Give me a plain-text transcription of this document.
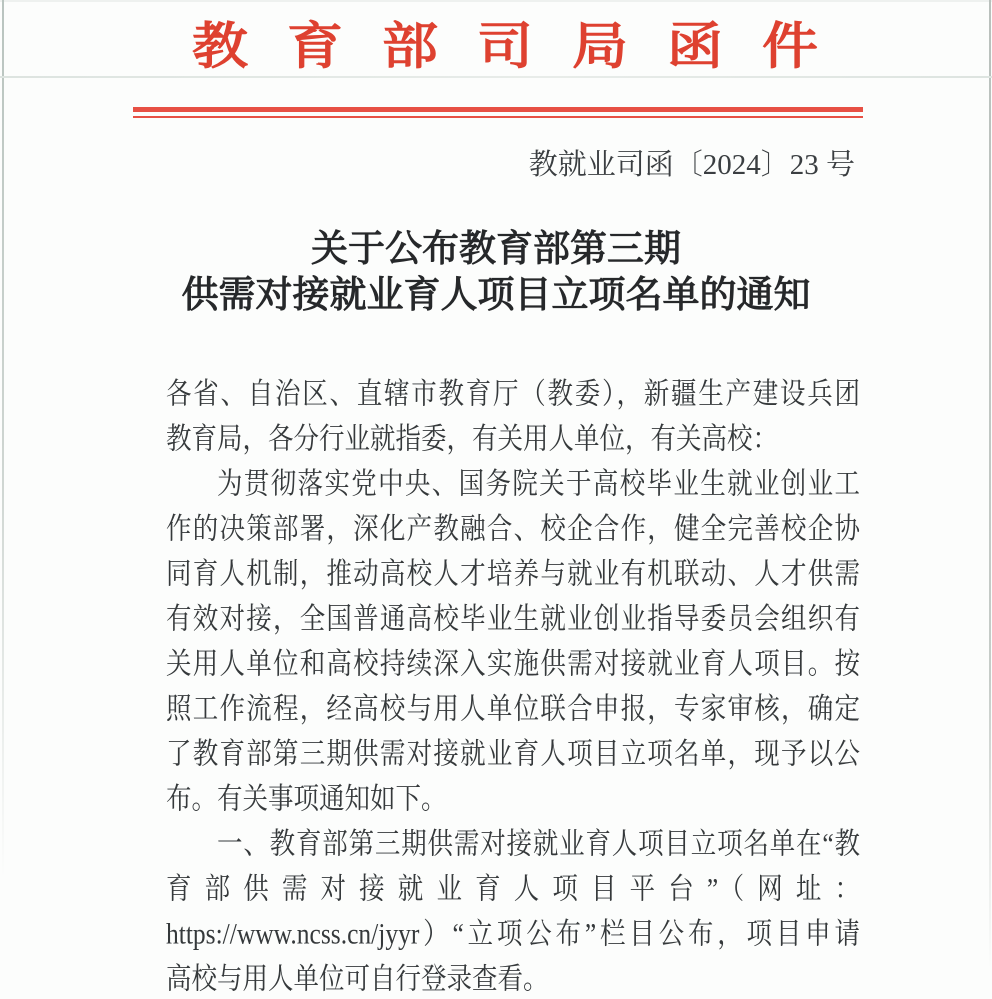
教育部司局函件
教就业司函〔2024〕23 号
关于公布教育部第三期
供需对接就业育人项目立项名单的通知
各省、自治区、直辖市教育厅（教委），新疆生产建设兵团
教育局，各分行业就指委，有关用人单位，有关高校：
为贯彻落实党中央、国务院关于高校毕业生就业创业工
作的决策部署，深化产教融合、校企合作，健全完善校企协
同育人机制，推动高校人才培养与就业有机联动、人才供需
有效对接，全国普通高校毕业生就业创业指导委员会组织有
关用人单位和高校持续深入实施供需对接就业育人项目。按
照工作流程，经高校与用人单位联合申报，专家审核，确定
了教育部第三期供需对接就业育人项目立项名单，现予以公
布。有关事项通知如下。
一、教育部第三期供需对接就业育人项目立项名单在“教
育部供需对接就业育人项目平台”（网址：
https://www.ncss.cn/jyyr）“立项公布”栏目公布，项目申请
高校与用人单位可自行登录查看。
